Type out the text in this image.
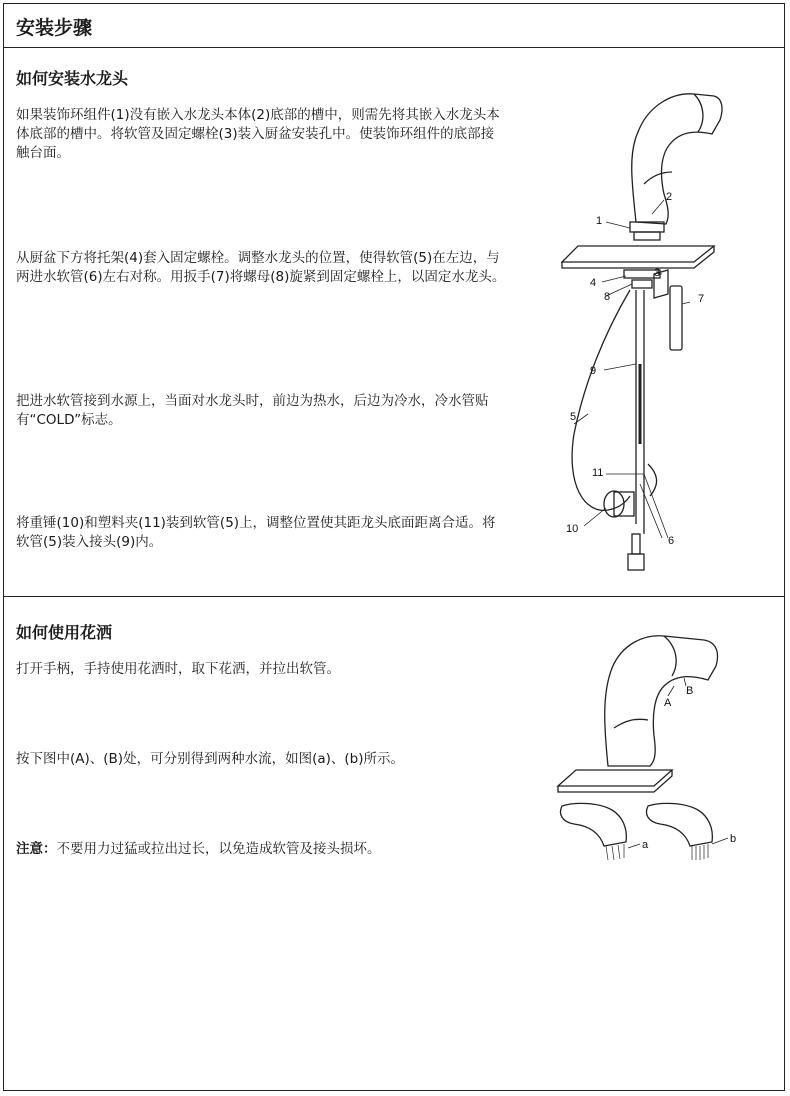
安装步骤
如何安装水龙头

如果装饰环组件(1)没有嵌入水龙头本体(2)底部的槽中，则需先将其嵌入水龙头本体底部的槽中。将软管及固定螺栓(3)装入厨盆安装孔中。使装饰环组件的底部接触台面。

从厨盆下方将托架(4)套入固定螺栓。调整水龙头的位置，使得软管(5)在左边，与两进水软管(6)左右对称。用扳手(7)将螺母(8)旋紧到固定螺栓上，以固定水龙头。

把进水软管接到水源上，当面对水龙头时，前边为热水，后边为冷水，冷水管贴有“COLD”标志。

将重锤(10)和塑料夹(11)装到软管(5)上，调整位置使其距龙头底面距离合适。将软管(5)装入接头(9)内。

1
2
3
4
5
6
7
8
9
10
11
如何使用花洒

打开手柄，手持使用花洒时，取下花洒，并拉出软管。

按下图中(A)、(B)处，可分别得到两种水流，如图(a)、(b)所示。

注意：不要用力过猛或拉出过长，以免造成软管及接头损坏。

A
B
a	b
